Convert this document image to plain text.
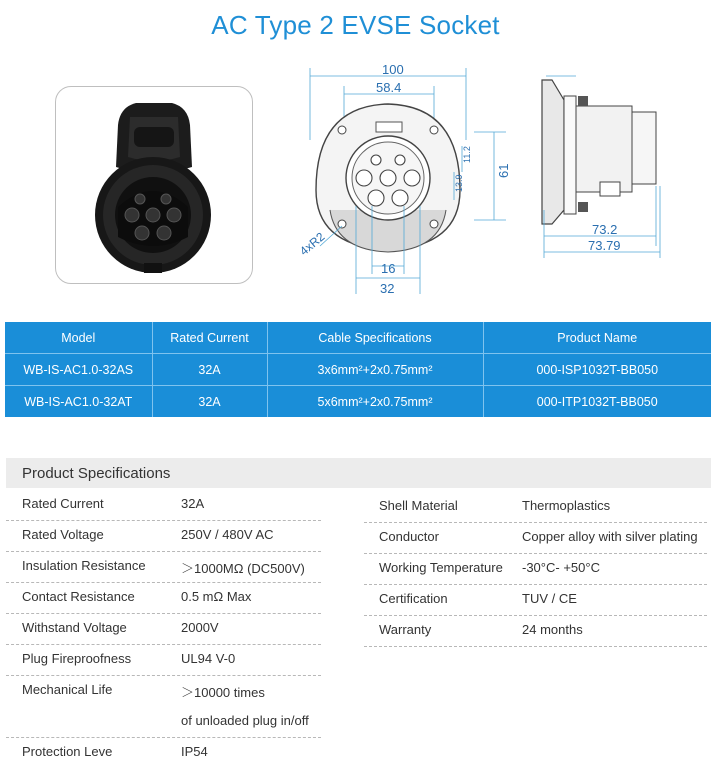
AC Type 2 EVSE Socket
100
58.4
61
11.2
13.9
4xR2
16
32
73.2
73.79
Model	Rated Current	Cable Specifications	Product Name
WB-IS-AC1.0-32AS	32A	3x6mm²+2x0.75mm²	000-ISP1032T-BB050
WB-IS-AC1.0-32AT	32A	5x6mm²+2x0.75mm²	000-ITP1032T-BB050
Product Specifications
Rated Current	32A
Rated Voltage	250V / 480V AC
Insulation Resistance	＞1000MΩ (DC500V)
Contact Resistance	0.5 mΩ Max
Withstand Voltage	2000V
Plug Fireproofness	UL94 V-0
Mechanical Life	＞10000 times
of unloaded plug in/off
Protection Leve	IP54
Shell Material	Thermoplastics
Conductor	Copper alloy with silver plating
Working Temperature -30°C- +50°C
Certification	TUV / CE
Warranty	24 months
